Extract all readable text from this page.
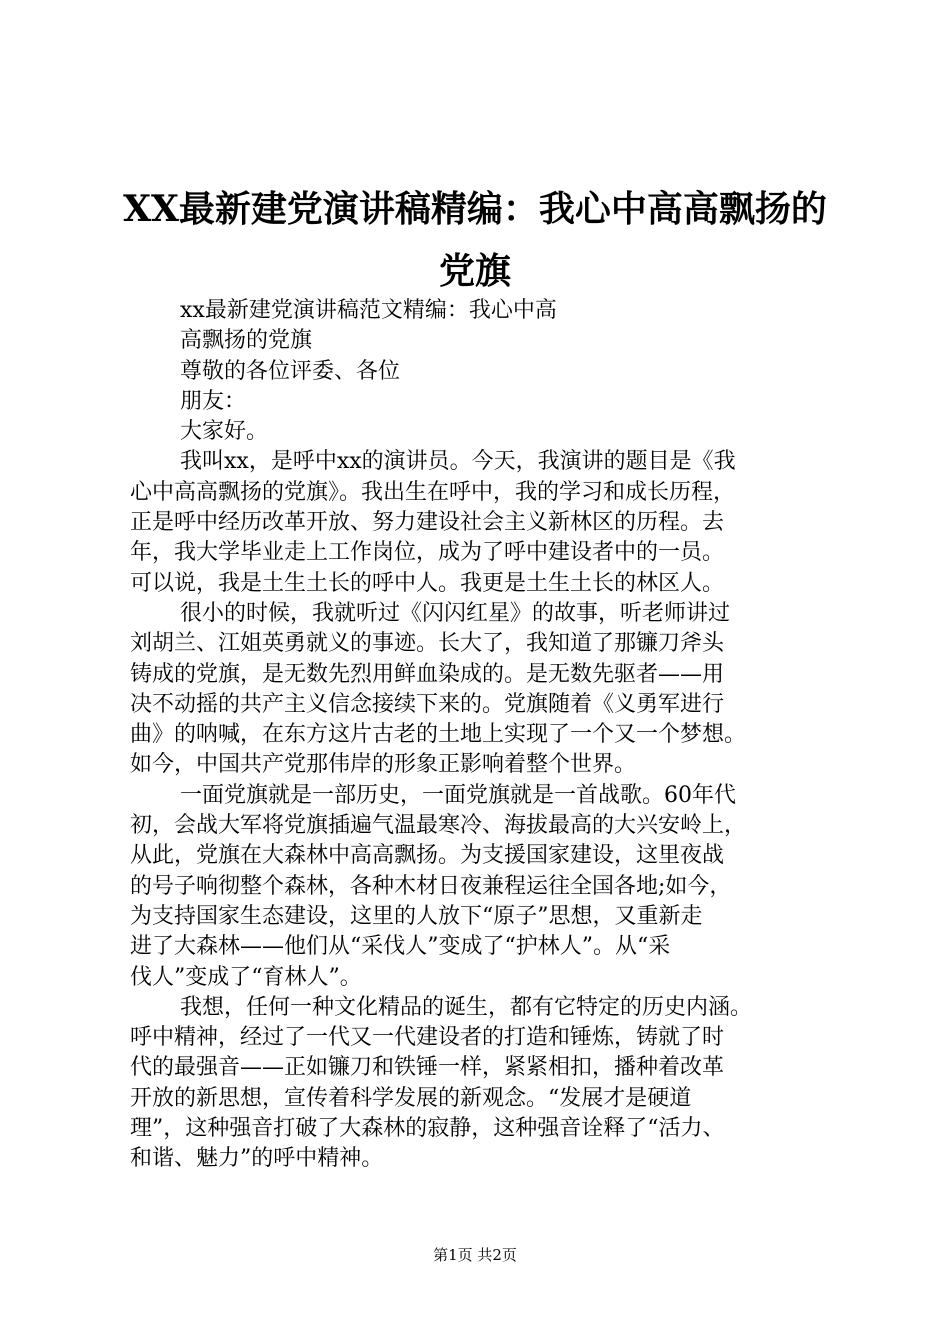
XX最新建党演讲稿精编：我心中高高飘扬的
党旗
xx最新建党演讲稿范文精编：我心中高
高飘扬的党旗
尊敬的各位评委、各位
朋友：
大家好。
我叫xx，是呼中xx的演讲员。今天，我演讲的题目是《我
心中高高飘扬的党旗》。我出生在呼中，我的学习和成长历程，
正是呼中经历改革开放、努力建设社会主义新林区的历程。去
年，我大学毕业走上工作岗位，成为了呼中建设者中的一员。
可以说，我是土生土长的呼中人。我更是土生土长的林区人。
很小的时候，我就听过《闪闪红星》的故事，听老师讲过
刘胡兰、江姐英勇就义的事迹。长大了，我知道了那镰刀斧头
铸成的党旗，是无数先烈用鲜血染成的。是无数先驱者——用
决不动摇的共产主义信念接续下来的。党旗随着《义勇军进行
曲》的呐喊，在东方这片古老的土地上实现了一个又一个梦想。
如今，中国共产党那伟岸的形象正影响着整个世界。
一面党旗就是一部历史，一面党旗就是一首战歌。60年代
初，会战大军将党旗插遍气温最寒冷、海拔最高的大兴安岭上，
从此，党旗在大森林中高高飘扬。为支援国家建设，这里夜战
的号子响彻整个森林，各种木材日夜兼程运往全国各地;如今，
为支持国家生态建设，这里的人放下“原子”思想，又重新走
进了大森林——他们从“采伐人”变成了“护林人”。从“采
伐人”变成了“育林人”。
我想，任何一种文化精品的诞生，都有它特定的历史内涵。
呼中精神，经过了一代又一代建设者的打造和锤炼，铸就了时
代的最强音——正如镰刀和铁锤一样，紧紧相扣，播种着改革
开放的新思想，宣传着科学发展的新观念。“发展才是硬道
理”，这种强音打破了大森林的寂静，这种强音诠释了“活力、
和谐、魅力”的呼中精神。
第1页 共2页
